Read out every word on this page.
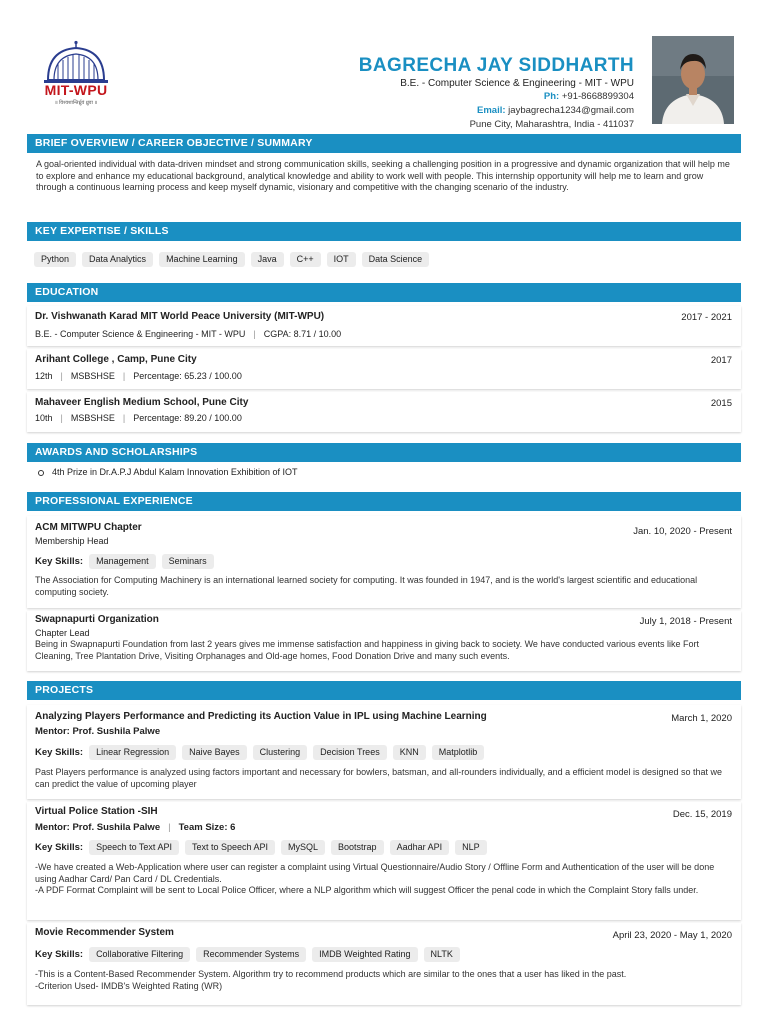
MIT-WPU
॥ विश्वशान्तिर्ध्रुवं ध्रुवा ॥
BAGRECHA JAY SIDDHARTH
B.E. - Computer Science & Engineering - MIT - WPU
Ph: +91-8668899304
Email: jaybagrecha1234@gmail.com
Pune City, Maharashtra, India - 411037
BRIEF OVERVIEW / CAREER OBJECTIVE / SUMMARY
A goal-oriented individual with data-driven mindset and strong communication skills, seeking a challenging position in a progressive and dynamic organization that will help me to explore and enhance my educational background, analytical knowledge and ability to work well with people. This internship opportunity will help me to learn and grow through a continuous learning process and keep myself dynamic, visionary and competitive with the changing scenario of the industry.
KEY EXPERTISE / SKILLS
Python Data Analytics Machine Learning Java C++ IOT Data Science
EDUCATION
Dr. Vishwanath Karad MIT World Peace University (MIT-WPU)	2017 - 2021
B.E. - Computer Science & Engineering - MIT - WPU | CGPA: 8.71 / 10.00
Arihant College , Camp, Pune City	2017
12th | MSBSHSE | Percentage: 65.23 / 100.00
Mahaveer English Medium School, Pune City	2015
10th | MSBSHSE | Percentage: 89.20 / 100.00
AWARDS AND SCHOLARSHIPS
4th Prize in Dr.A.P.J Abdul Kalam Innovation Exhibition of IOT
PROFESSIONAL EXPERIENCE
ACM MITWPU Chapter
Membership Head
Jan. 10, 2020 - Present
Key Skills: Management Seminars
The Association for Computing Machinery is an international learned society for computing. It was founded in 1947, and is the world's largest scientific and educational computing society.
Swapnapurti Organization	July 1, 2018 - Present
Chapter Lead
Being in Swapnapurti Foundation from last 2 years gives me immense satisfaction and happiness in giving back to society. We have conducted various events like Fort Cleaning, Tree Plantation Drive, Visiting Orphanages and Old-age homes, Food Donation Drive and many such events.
PROJECTS
Analyzing Players Performance and Predicting its Auction Value in IPL using Machine Learning	March 1, 2020
Mentor: Prof. Sushila Palwe
Key Skills: Linear Regression Naive Bayes Clustering Decision Trees KNN Matplotlib
Past Players performance is analyzed using factors important and necessary for bowlers, batsman, and all-rounders individually, and a efficient model is designed so that we can predict the value of upcoming player
Virtual Police Station -SIH	Dec. 15, 2019
Mentor: Prof. Sushila Palwe | Team Size: 6
Key Skills: Speech to Text API Text to Speech API MySQL Bootstrap Aadhar API NLP
-We have created a Web-Application where user can register a complaint using Virtual Questionnaire/Audio Story / Offline Form and Authentication of the user will be done using Aadhar Card/ Pan Card / DL Credentials.
-A PDF Format Complaint will be sent to Local Police Officer, where a NLP algorithm which will suggest Officer the penal code in which the Complaint Story falls under.
Movie Recommender System	April 23, 2020 - May 1, 2020
Key Skills: Collaborative Filtering Recommender Systems IMDB Weighted Rating NLTK
-This is a Content-Based Recommender System. Algorithm try to recommend products which are similar to the ones that a user has liked in the past.
-Criterion Used- IMDB's Weighted Rating (WR)
